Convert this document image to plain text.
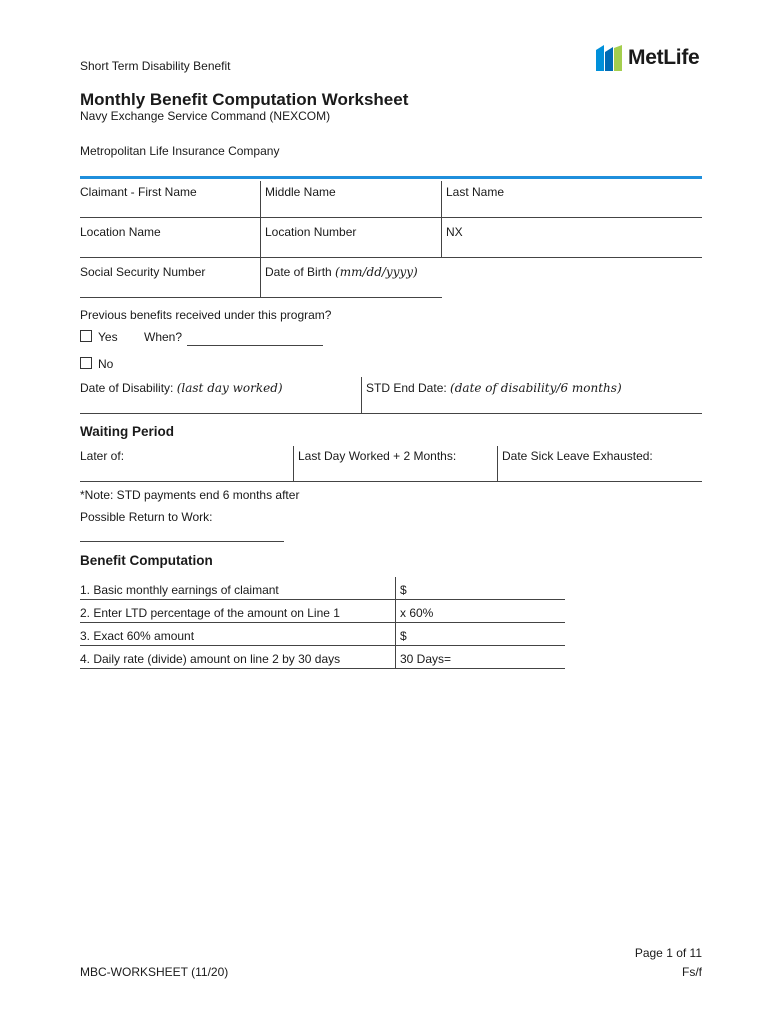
Short Term Disability Benefit	MetLife
Monthly Benefit Computation Worksheet
Navy Exchange Service Command (NEXCOM)
Metropolitan Life Insurance Company
Claimant - First Name	Middle Name	Last Name
Location Name	Location Number	NX
Social Security Number	Date of Birth (mm/dd/yyyy)
Previous benefits received under this program?
Yes When?
No
Date of Disability: (last day worked)	STD End Date: (date of disability/6 months)
Waiting Period
Later of:	Last Day Worked + 2 Months:	Date Sick Leave Exhausted:
*Note: STD payments end 6 months after
Possible Return to Work:
Benefit Computation
1. Basic monthly earnings of claimant	$
2. Enter LTD percentage of the amount on Line 1	x 60%
3. Exact 60% amount	$
4. Daily rate (divide) amount on line 2 by 30 days	30 Days=
MBC-WORKSHEET (11/20)
Page 1 of 11
Fs/f
